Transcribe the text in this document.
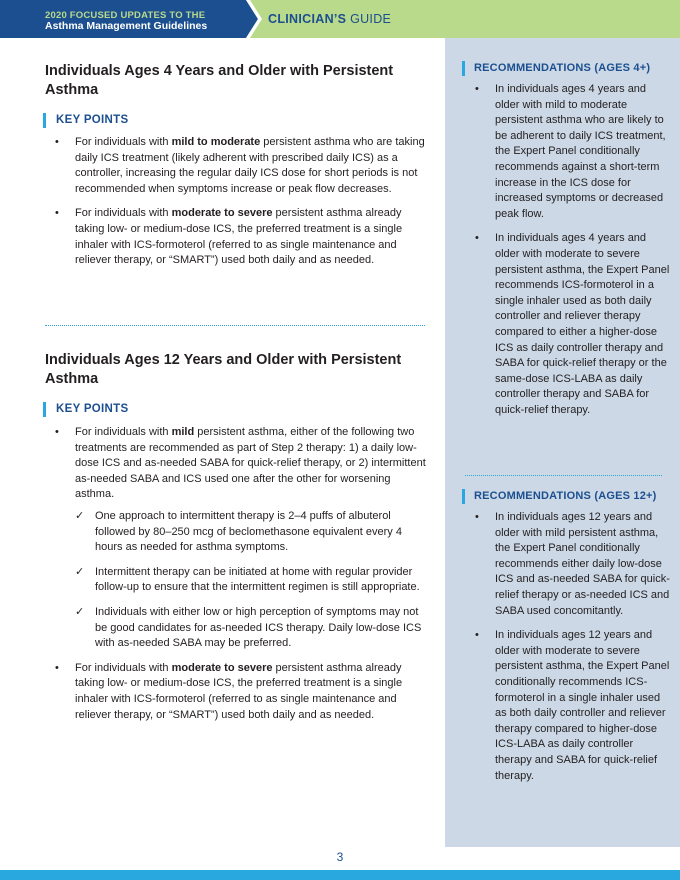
2020 FOCUSED UPDATES TO THE
Asthma Management Guidelines	CLINICIAN’S GUIDE
Individuals Ages 4 Years and Older with Persistent Asthma
KEY POINTS
• For individuals with mild to moderate persistent asthma who are taking daily ICS treatment (likely adherent with prescribed daily ICS) as a controller, increasing the regular daily ICS dose for short periods is not recommended when symptoms increase or peak flow decreases.
• For individuals with moderate to severe persistent asthma already taking low- or medium-dose ICS, the preferred treatment is a single inhaler with ICS-formoterol (referred to as single maintenance and reliever therapy, or “SMART”) used both daily and as needed.
Individuals Ages 12 Years and Older with Persistent Asthma
KEY POINTS
• For individuals with mild persistent asthma, either of the following two treatments are recommended as part of Step 2 therapy: 1) a daily low-dose ICS and as-needed SABA for quick-relief therapy, or 2) intermittent as-needed SABA and ICS used one after the other for worsening asthma.
✓ One approach to intermittent therapy is 2–4 puffs of albuterol followed by 80–250 mcg of beclomethasone equivalent every 4 hours as needed for asthma symptoms.
✓ Intermittent therapy can be initiated at home with regular provider follow-up to ensure that the intermittent regimen is still appropriate.
✓ Individuals with either low or high perception of symptoms may not be good candidates for as-needed ICS therapy. Daily low-dose ICS with as-needed SABA may be preferred.
• For individuals with moderate to severe persistent asthma already taking low- or medium-dose ICS, the preferred treatment is a single inhaler with ICS-formoterol (referred to as single maintenance and reliever therapy, or “SMART”) used both daily and as needed.
RECOMMENDATIONS (AGES 4+)
• In individuals ages 4 years and older with mild to moderate persistent asthma who are likely to be adherent to daily ICS treatment, the Expert Panel conditionally recommends against a short-term increase in the ICS dose for increased symptoms or decreased peak flow.
• In individuals ages 4 years and older with moderate to severe persistent asthma, the Expert Panel recommends ICS-formoterol in a single inhaler used as both daily controller and reliever therapy compared to either a higher-dose ICS as daily controller therapy and SABA for quick-relief therapy or the same-dose ICS-LABA as daily controller therapy and SABA for quick-relief therapy.
RECOMMENDATIONS (AGES 12+)
• In individuals ages 12 years and older with mild persistent asthma, the Expert Panel conditionally recommends either daily low-dose ICS and as-needed SABA for quick-relief therapy or as-needed ICS and SABA used concomitantly.
• In individuals ages 12 years and older with moderate to severe persistent asthma, the Expert Panel conditionally recommends ICS-formoterol in a single inhaler used as both daily controller and reliever therapy compared to higher-dose ICS-LABA as daily controller therapy and SABA for quick-relief therapy.
3
